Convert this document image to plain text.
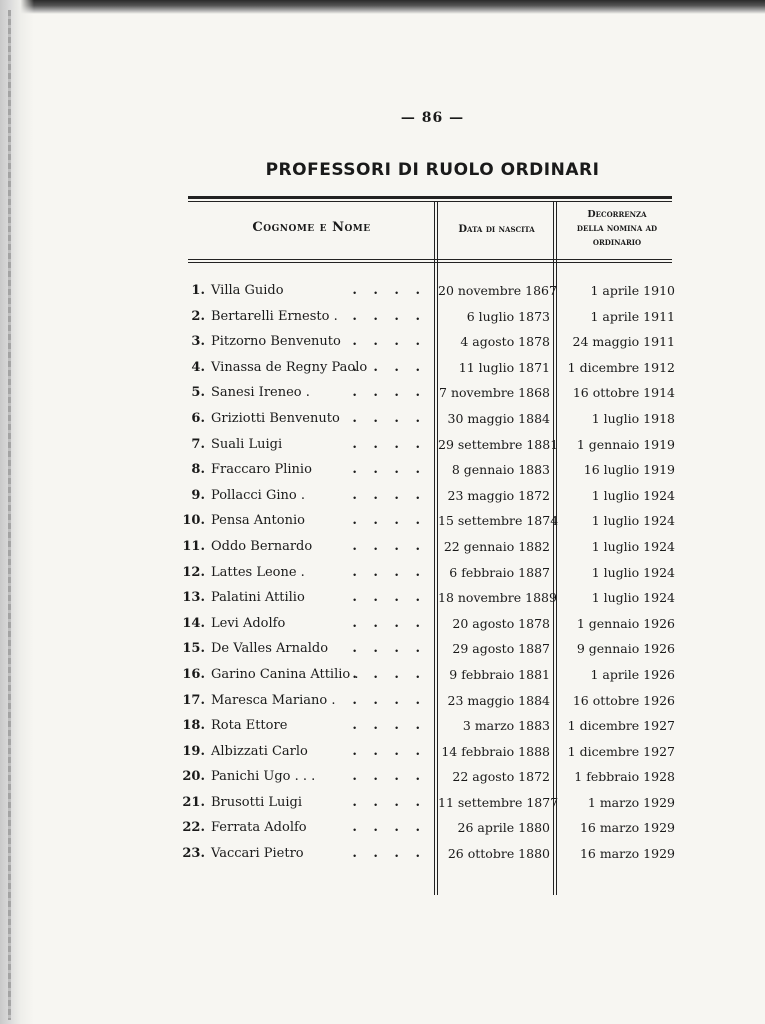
— 86 —
PROFESSORI DI RUOLO ORDINARI
Cognome e Nome	Data di nascita
Decorrenza
della nomina ad
ordinario
1. Villa Guido	20 novembre 1867	1 aprile 1910
. . . .
2. Bertarelli Ernesto .	6 luglio 1873	1 aprile 1911
. . . .
3. Pitzorno Benvenuto	4 agosto 1878	24 maggio 1911
. . . .
4. Vinassa de Regny Paolo	11 luglio 1871	1 dicembre 1912
. . . .
5. Sanesi Ireneo .	7 novembre 1868	16 ottobre 1914
. . . .
6. Griziotti Benvenuto	30 maggio 1884	1 luglio 1918
. . . .
7. Suali Luigi	29 settembre 1881	1 gennaio 1919
. . . .
8. Fraccaro Plinio	8 gennaio 1883	16 luglio 1919
. . . .
9. Pollacci Gino .	23 maggio 1872	1 luglio 1924
. . . .
10. Pensa Antonio	15 settembre 1874	1 luglio 1924
. . . .
11. Oddo Bernardo	22 gennaio 1882	1 luglio 1924
. . . .
12. Lattes Leone .	6 febbraio 1887	1 luglio 1924
. . . .
13. Palatini Attilio	18 novembre 1889	1 luglio 1924
. . . .
14. Levi Adolfo	20 agosto 1878	1 gennaio 1926
. . . .
15. De Valles Arnaldo	29 agosto 1887	9 gennaio 1926
. . . .
16. Garino Canina Attilio .	9 febbraio 1881	1 aprile 1926
. . . .
17. Maresca Mariano .	23 maggio 1884	16 ottobre 1926
. . . .
18. Rota Ettore	3 marzo 1883	1 dicembre 1927
. . . .
19. Albizzati Carlo	14 febbraio 1888	1 dicembre 1927
. . . .
20. Panichi Ugo . . .	22 agosto 1872	1 febbraio 1928
. . . .
21. Brusotti Luigi	11 settembre 1877	1 marzo 1929
. . . .
22. Ferrata Adolfo	26 aprile 1880	16 marzo 1929
. . . .
23. Vaccari Pietro	26 ottobre 1880	16 marzo 1929
. . . .
